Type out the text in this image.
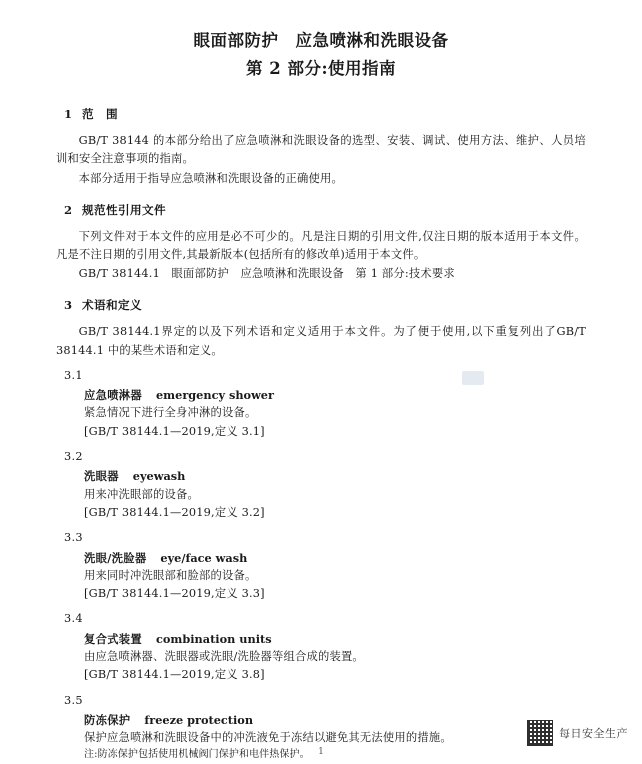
眼面部防护　应急喷淋和洗眼设备
第 2 部分:使用指南
1 范　围

GB/T 38144 的本部分给出了应急喷淋和洗眼设备的选型、安装、调试、使用方法、维护、人员培训和安全注意事项的指南。

本部分适用于指导应急喷淋和洗眼设备的正确使用。

2 规范性引用文件

下列文件对于本文件的应用是必不可少的。凡是注日期的引用文件,仅注日期的版本适用于本文件。凡是不注日期的引用文件,其最新版本(包括所有的修改单)适用于本文件。

GB/T 38144.1　眼面部防护　应急喷淋和洗眼设备　第 1 部分:技术要求

3 术语和定义

GB/T 38144.1界定的以及下列术语和定义适用于本文件。为了便于使用,以下重复列出了GB/T 38144.1 中的某些术语和定义。

3.1
应急喷淋器 emergency shower
紧急情况下进行全身冲淋的设备。
[GB/T 38144.1—2019,定义 3.1]
3.2
洗眼器 eyewash
用来冲洗眼部的设备。
[GB/T 38144.1—2019,定义 3.2]
3.3
洗眼/洗脸器 eye/face wash
用来同时冲洗眼部和脸部的设备。
[GB/T 38144.1—2019,定义 3.3]
3.4
复合式装置 combination units
由应急喷淋器、洗眼器或洗眼/洗脸器等组合成的装置。
[GB/T 38144.1—2019,定义 3.8]
3.5
防冻保护 freeze protection
保护应急喷淋和洗眼设备中的冲洗液免于冻结以避免其无法使用的措施。
注:防冻保护包括使用机械阀门保护和电伴热保护。
每日安全生产
1
